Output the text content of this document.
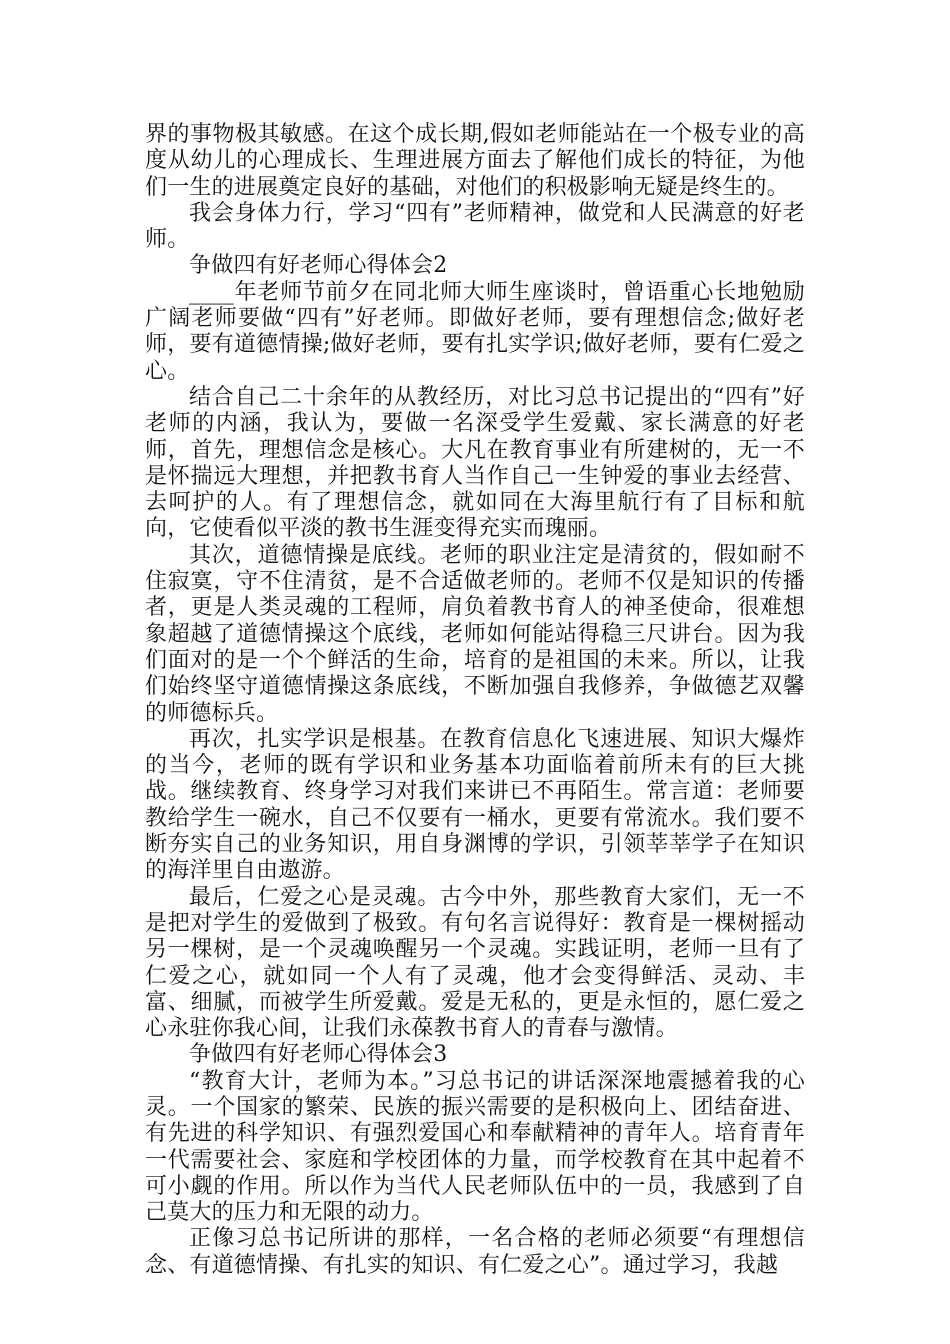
界的事物极其敏感。在这个成长期,假如老师能站在一个极专业的高度从幼儿的心理成长、生理进展方面去了解他们成长的特征，为他们一生的进展奠定良好的基础，对他们的积极影响无疑是终生的。

我会身体力行，学习“四有”老师精神，做党和人民满意的好老师。

争做四有好老师心得体会2

____年老师节前夕在同北师大师生座谈时，曾语重心长地勉励广阔老师要做“四有”好老师。即做好老师，要有理想信念;做好老师，要有道德情操;做好老师，要有扎实学识;做好老师，要有仁爱之心。

结合自己二十余年的从教经历，对比习总书记提出的“四有”好老师的内涵，我认为，要做一名深受学生爱戴、家长满意的好老师，首先，理想信念是核心。大凡在教育事业有所建树的，无一不是怀揣远大理想，并把教书育人当作自己一生钟爱的事业去经营、去呵护的人。有了理想信念，就如同在大海里航行有了目标和航向，它使看似平淡的教书生涯变得充实而瑰丽。

其次，道德情操是底线。老师的职业注定是清贫的，假如耐不住寂寞，守不住清贫，是不合适做老师的。老师不仅是知识的传播者，更是人类灵魂的工程师，肩负着教书育人的神圣使命，很难想象超越了道德情操这个底线，老师如何能站得稳三尺讲台。因为我们面对的是一个个鲜活的生命，培育的是祖国的未来。所以，让我们始终坚守道德情操这条底线，不断加强自我修养，争做德艺双馨的师德标兵。

再次，扎实学识是根基。在教育信息化飞速进展、知识大爆炸的当今，老师的既有学识和业务基本功面临着前所未有的巨大挑战。继续教育、终身学习对我们来讲已不再陌生。常言道：老师要教给学生一碗水，自己不仅要有一桶水，更要有常流水。我们要不断夯实自己的业务知识，用自身渊博的学识，引领莘莘学子在知识的海洋里自由遨游。

最后，仁爱之心是灵魂。古今中外，那些教育大家们，无一不是把对学生的爱做到了极致。有句名言说得好：教育是一棵树摇动另一棵树，是一个灵魂唤醒另一个灵魂。实践证明，老师一旦有了仁爱之心，就如同一个人有了灵魂，他才会变得鲜活、灵动、丰富、细腻，而被学生所爱戴。爱是无私的，更是永恒的，愿仁爱之心永驻你我心间，让我们永葆教书育人的青春与激情。

争做四有好老师心得体会3

“教育大计，老师为本。”习总书记的讲话深深地震撼着我的心灵。一个国家的繁荣、民族的振兴需要的是积极向上、团结奋进、有先进的科学知识、有强烈爱国心和奉献精神的青年人。培育青年一代需要社会、家庭和学校团体的力量，而学校教育在其中起着不可小觑的作用。所以作为当代人民老师队伍中的一员，我感到了自己莫大的压力和无限的动力。

正像习总书记所讲的那样，一名合格的老师必须要“有理想信念、有道德情操、有扎实的知识、有仁爱之心”。通过学习，我越
